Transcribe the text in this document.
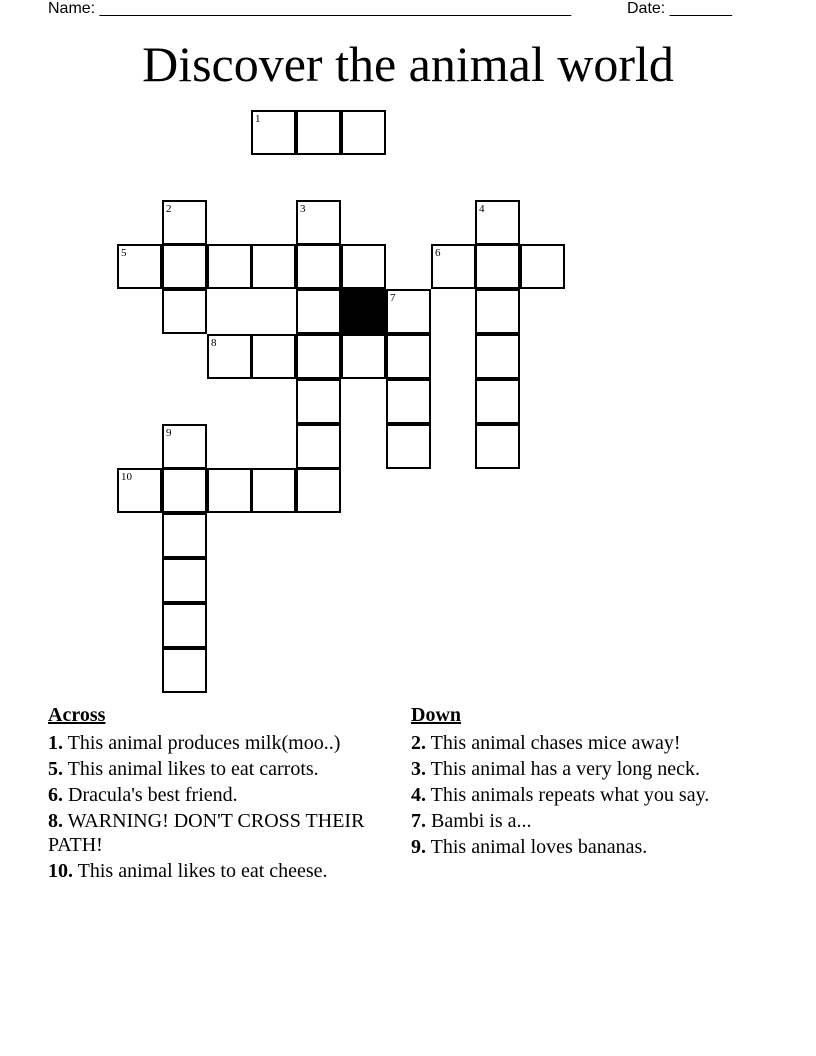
Name: _____________________________________________________	Date: _______
Discover the animal world
1
2	3	4
5	6
7
8
9
10
Across
1. This animal produces milk(moo..)
5. This animal likes to eat carrots.
6. Dracula's best friend.
8. WARNING! DON'T CROSS THEIR PATH!
10. This animal likes to eat cheese.
Down
2. This animal chases mice away!
3. This animal has a very long neck.
4. This animals repeats what you say.
7. Bambi is a...
9. This animal loves bananas.
